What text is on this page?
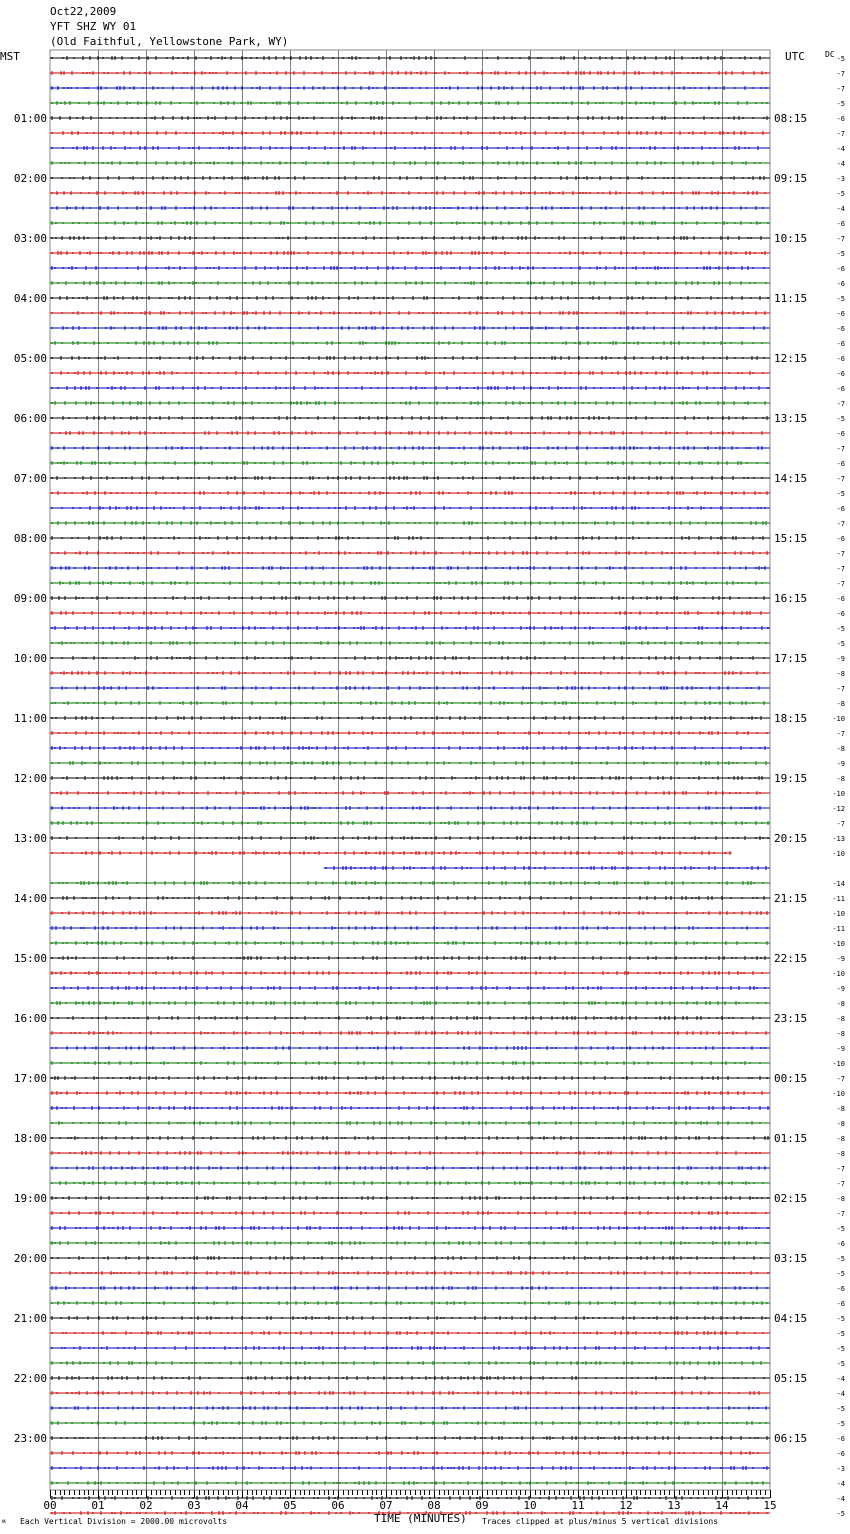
Oct22,2009
YFT SHZ WY 01
(Old Faithful, Yellowstone Park, WY)
MST	UTC	DC
01:00
02:00
03:00
04:00
05:00
06:00
07:00
08:00
09:00
10:00
11:00
12:00
13:00
14:00
15:00
16:00
17:00
18:00
19:00
20:00
21:00
22:00
23:00
08:15
09:15
10:15
11:15
12:15
13:15
14:15
15:15
16:15
17:15
18:15
19:15
20:15
21:15
22:15
23:15
00:15
01:15
02:15
03:15
04:15
05:15
06:15
-5
-7
-7
-5
-6
-7
-4
-4
-3
-5
-4
-6
-7
-5
-6
-6
-5
-6
-6
-6
-6
-6
-6
-7
-5
-6
-7
-6
-7
-5
-6
-7
-6
-7
-7
-7
-6
-6
-5
-5
-9
-8
-7
-8
-10
-7
-8
-9
-8
-10
-12
-7
-13
-10
-14
-11
-10
-11
-10
-9
-10
-9
-8
-8
-8
-9
-10
-7
-10
-8
-8
-8
-8
-7
-7
-8
-7
-5
-6
-5
-5
-6
-6
-5
-5
-5
-5
-4
-4
-5
-5
-6
-6
-3
-4
-4
-5
00	01	02	03	04	05	06	07	08	09	10	11	12	13	14	15
ʍ Each Vertical Division = 2000.00 microvolts	TIME (MINUTES) Traces clipped at plus/minus 5 vertical divisions
